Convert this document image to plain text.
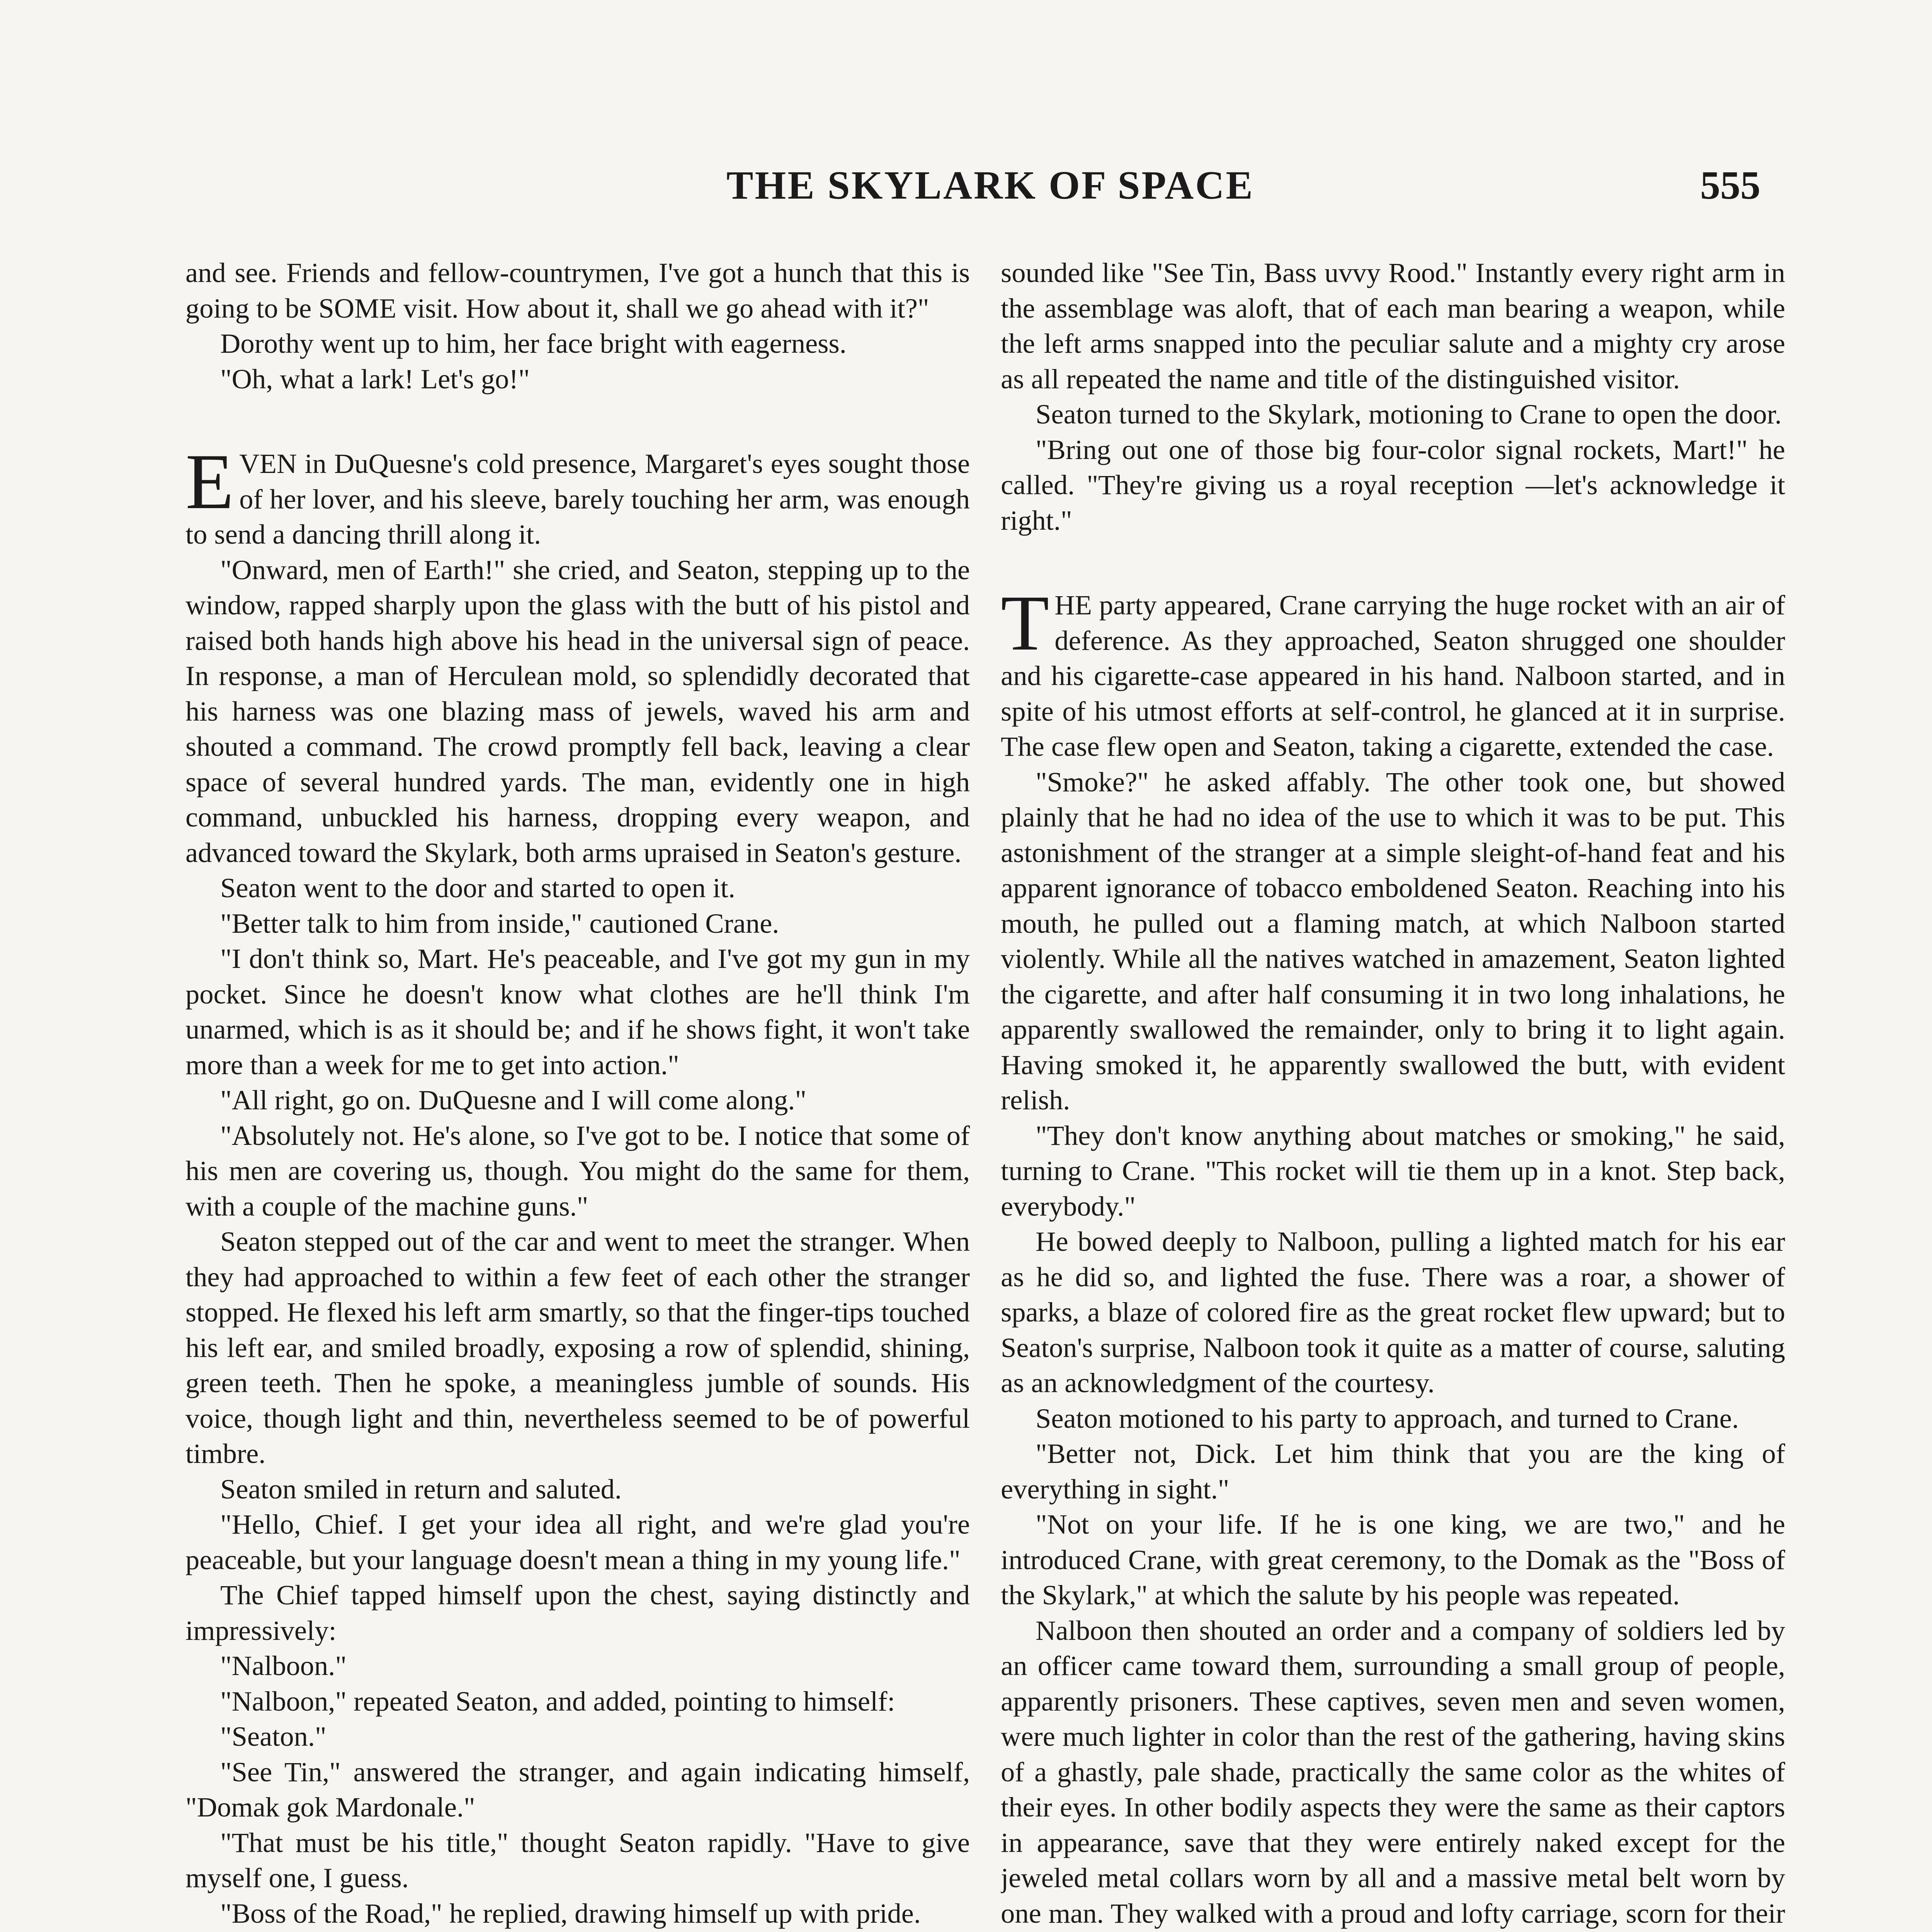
THE SKYLARK OF SPACE	555

and see. Friends and fellow-countrymen, I've got a hunch that this is going to be SOME visit. How about it, shall we go ahead with it?"

Dorothy went up to him, her face bright with eagerness.

"Oh, what a lark! Let's go!"

EVEN in DuQuesne's cold presence, Margaret's eyes sought those of her lover, and his sleeve, barely touching her arm, was enough to send a dancing thrill along it.

"Onward, men of Earth!" she cried, and Seaton, stepping up to the window, rapped sharply upon the glass with the butt of his pistol and raised both hands high above his head in the universal sign of peace. In response, a man of Herculean mold, so splendidly decorated that his harness was one blazing mass of jewels, waved his arm and shouted a command. The crowd promptly fell back, leaving a clear space of several hundred yards. The man, evidently one in high command, unbuckled his harness, dropping every weapon, and advanced toward the Skylark, both arms upraised in Seaton's gesture.

Seaton went to the door and started to open it.

"Better talk to him from inside," cautioned Crane.

"I don't think so, Mart. He's peaceable, and I've got my gun in my pocket. Since he doesn't know what clothes are he'll think I'm unarmed, which is as it should be; and if he shows fight, it won't take more than a week for me to get into action."

"All right, go on. DuQuesne and I will come along."

"Absolutely not. He's alone, so I've got to be. I notice that some of his men are covering us, though. You might do the same for them, with a couple of the machine guns."

Seaton stepped out of the car and went to meet the stranger. When they had approached to within a few feet of each other the stranger stopped. He flexed his left arm smartly, so that the finger-tips touched his left ear, and smiled broadly, exposing a row of splendid, shining, green teeth. Then he spoke, a meaningless jumble of sounds. His voice, though light and thin, nevertheless seemed to be of powerful timbre.

Seaton smiled in return and saluted.

"Hello, Chief. I get your idea all right, and we're glad you're peaceable, but your language doesn't mean a thing in my young life."

The Chief tapped himself upon the chest, saying distinctly and impressively:

"Nalboon."

"Nalboon," repeated Seaton, and added, pointing to himself:

"Seaton."

"See Tin," answered the stranger, and again indicating himself, "Domak gok Mardonale."

"That must be his title," thought Seaton rapidly. "Have to give myself one, I guess.

"Boss of the Road," he replied, drawing himself up with pride.

sounded like "See Tin, Bass uvvy Rood." Instantly every right arm in the assemblage was aloft, that of each man bearing a weapon, while the left arms snapped into the peculiar salute and a mighty cry arose as all repeated the name and title of the distinguished visitor.

Seaton turned to the Skylark, motioning to Crane to open the door.

"Bring out one of those big four-color signal rockets, Mart!" he called. "They're giving us a royal reception —let's acknowledge it right."

THE party appeared, Crane carrying the huge rocket with an air of deference. As they approached, Seaton shrugged one shoulder and his cigarette-case appeared in his hand. Nalboon started, and in spite of his utmost efforts at self-control, he glanced at it in surprise. The case flew open and Seaton, taking a cigarette, extended the case.

"Smoke?" he asked affably. The other took one, but showed plainly that he had no idea of the use to which it was to be put. This astonishment of the stranger at a simple sleight-of-hand feat and his apparent ignorance of tobacco emboldened Seaton. Reaching into his mouth, he pulled out a flaming match, at which Nalboon started violently. While all the natives watched in amazement, Seaton lighted the cigarette, and after half consuming it in two long inhalations, he apparently swallowed the remainder, only to bring it to light again. Having smoked it, he apparently swallowed the butt, with evident relish.

"They don't know anything about matches or smoking," he said, turning to Crane. "This rocket will tie them up in a knot. Step back, everybody."

He bowed deeply to Nalboon, pulling a lighted match for his ear as he did so, and lighted the fuse. There was a roar, a shower of sparks, a blaze of colored fire as the great rocket flew upward; but to Seaton's surprise, Nalboon took it quite as a matter of course, saluting as an acknowledgment of the courtesy.

Seaton motioned to his party to approach, and turned to Crane.

"Better not, Dick. Let him think that you are the king of everything in sight."

"Not on your life. If he is one king, we are two," and he introduced Crane, with great ceremony, to the Domak as the "Boss of the Skylark," at which the salute by his people was repeated.

Nalboon then shouted an order and a company of soldiers led by an officer came toward them, surrounding a small group of people, apparently prisoners. These captives, seven men and seven women, were much lighter in color than the rest of the gathering, having skins of a ghastly, pale shade, practically the same color as the whites of their eyes. In other bodily aspects they were the same as their captors in appearance, save that they were entirely naked except for the jeweled metal collars worn by all and a massive metal belt worn by one man. They walked with a proud and lofty carriage, scorn for their
